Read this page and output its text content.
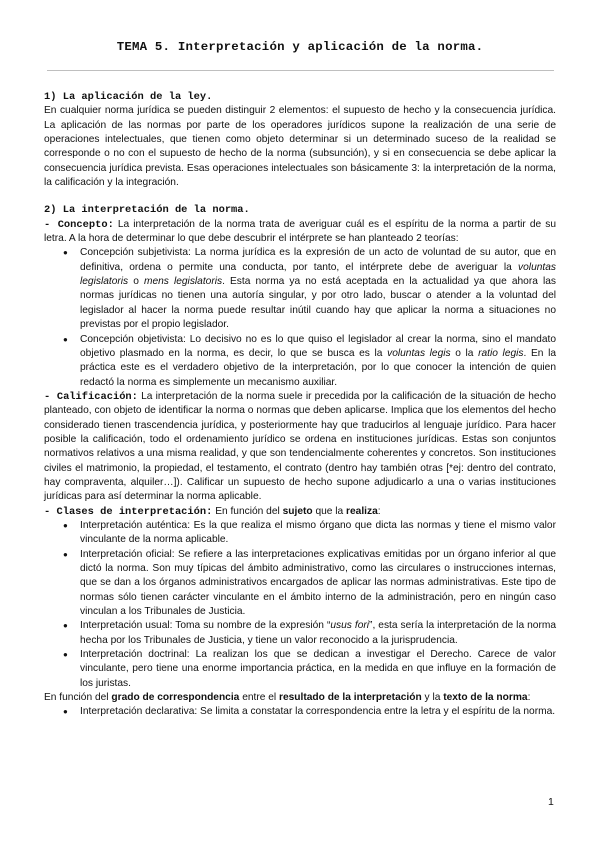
TEMA 5. Interpretación y aplicación de la norma.

1) La aplicación de la ley.

En cualquier norma jurídica se pueden distinguir 2 elementos: el supuesto de hecho y la consecuencia jurídica. La aplicación de las normas por parte de los operadores jurídicos supone la realización de una serie de operaciones intelectuales, que tienen como objeto determinar si un determinado suceso de la realidad se corresponde o no con el supuesto de hecho de la norma (subsunción), y si en consecuencia se debe aplicar la consecuencia jurídica prevista. Esas operaciones intelectuales son básicamente 3: la interpretación de la norma, la calificación y la integración.

2) La interpretación de la norma.

- Concepto: La interpretación de la norma trata de averiguar cuál es el espíritu de la norma a partir de su letra. A la hora de determinar lo que debe descubrir el intérprete se han planteado 2 teorías:

● Concepción subjetivista: La norma jurídica es la expresión de un acto de voluntad de su autor, que en definitiva, ordena o permite una conducta, por tanto, el intérprete debe de averiguar la voluntas legislatoris o mens legislatoris. Esta norma ya no está aceptada en la actualidad ya que ahora las normas jurídicas no tienen una autoría singular, y por otro lado, buscar o atender a la voluntad del legislador al hacer la norma puede resultar inútil cuando hay que aplicar la norma a situaciones no previstas por el propio legislador.
● Concepción objetivista: Lo decisivo no es lo que quiso el legislador al crear la norma, sino el mandato objetivo plasmado en la norma, es decir, lo que se busca es la voluntas legis o la ratio legis. En la práctica este es el verdadero objetivo de la interpretación, por lo que conocer la intención de quien redactó la norma es simplemente un mecanismo auxiliar.

- Calificación: La interpretación de la norma suele ir precedida por la calificación de la situación de hecho planteado, con objeto de identificar la norma o normas que deben aplicarse. Implica que los elementos del hecho considerado tienen trascendencia jurídica, y posteriormente hay que traducirlos al lenguaje jurídico. Para hacer posible la calificación, todo el ordenamiento jurídico se ordena en instituciones jurídicas. Estas son conjuntos normativos relativos a una misma realidad, y que son tendencialmente coherentes y concretos. Son instituciones civiles el matrimonio, la propiedad, el testamento, el contrato (dentro hay también otras [*ej: dentro del contrato, hay compraventa, alquiler…]). Calificar un supuesto de hecho supone adjudicarlo a una o varias instituciones jurídicas para así determinar la norma aplicable.

- Clases de interpretación: En función del sujeto que la realiza:

● Interpretación auténtica: Es la que realiza el mismo órgano que dicta las normas y tiene el mismo valor vinculante de la norma aplicable.
● Interpretación oficial: Se refiere a las interpretaciones explicativas emitidas por un órgano inferior al que dictó la norma. Son muy típicas del ámbito administrativo, como las circulares o instrucciones internas, que se dan a los órganos administrativos encargados de aplicar las normas administrativas. Este tipo de normas sólo tienen carácter vinculante en el ámbito interno de la administración, pero en ningún caso vinculan a los Tribunales de Justicia.
● Interpretación usual: Toma su nombre de la expresión “usus fori”, esta sería la interpretación de la norma hecha por los Tribunales de Justicia, y tiene un valor reconocido a la jurisprudencia.
● Interpretación doctrinal: La realizan los que se dedican a investigar el Derecho. Carece de valor vinculante, pero tiene una enorme importancia práctica, en la medida en que influye en la formación de los juristas.

En función del grado de correspondencia entre el resultado de la interpretación y la texto de la norma:

● Interpretación declarativa: Se limita a constatar la correspondencia entre la letra y el espíritu de la norma.
1
